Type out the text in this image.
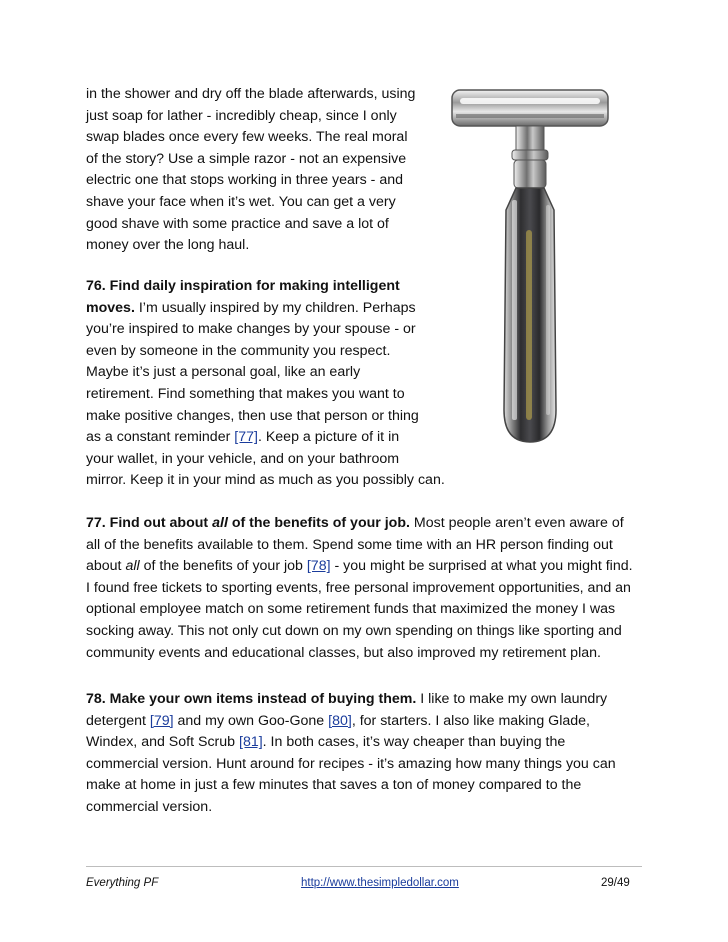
in the shower and dry off the blade afterwards, using
just soap for lather - incredibly cheap, since I only
swap blades once every few weeks. The real moral
of the story? Use a simple razor - not an expensive
electric one that stops working in three years - and
shave your face when it’s wet. You can get a very
good shave with some practice and save a lot of
money over the long haul.
76. Find daily inspiration for making intelligent
moves. I’m usually inspired by my children. Perhaps
you’re inspired to make changes by your spouse - or
even by someone in the community you respect.
Maybe it’s just a personal goal, like an early
retirement. Find something that makes you want to
make positive changes, then use that person or thing
as a constant reminder [77]. Keep a picture of it in
your wallet, in your vehicle, and on your bathroom
mirror. Keep it in your mind as much as you possibly can.
77. Find out about all of the benefits of your job. Most people aren’t even aware of
all of the benefits available to them. Spend some time with an HR person finding out
about all of the benefits of your job [78] - you might be surprised at what you might find.
I found free tickets to sporting events, free personal improvement opportunities, and an
optional employee match on some retirement funds that maximized the money I was
socking away. This not only cut down on my own spending on things like sporting and
community events and educational classes, but also improved my retirement plan.
78. Make your own items instead of buying them. I like to make my own laundry
detergent [79] and my own Goo-Gone [80], for starters. I also like making Glade,
Windex, and Soft Scrub [81]. In both cases, it’s way cheaper than buying the
commercial version. Hunt around for recipes - it’s amazing how many things you can
make at home in just a few minutes that saves a ton of money compared to the
commercial version.
Everything PF	http://www.thesimpledollar.com	29/49
